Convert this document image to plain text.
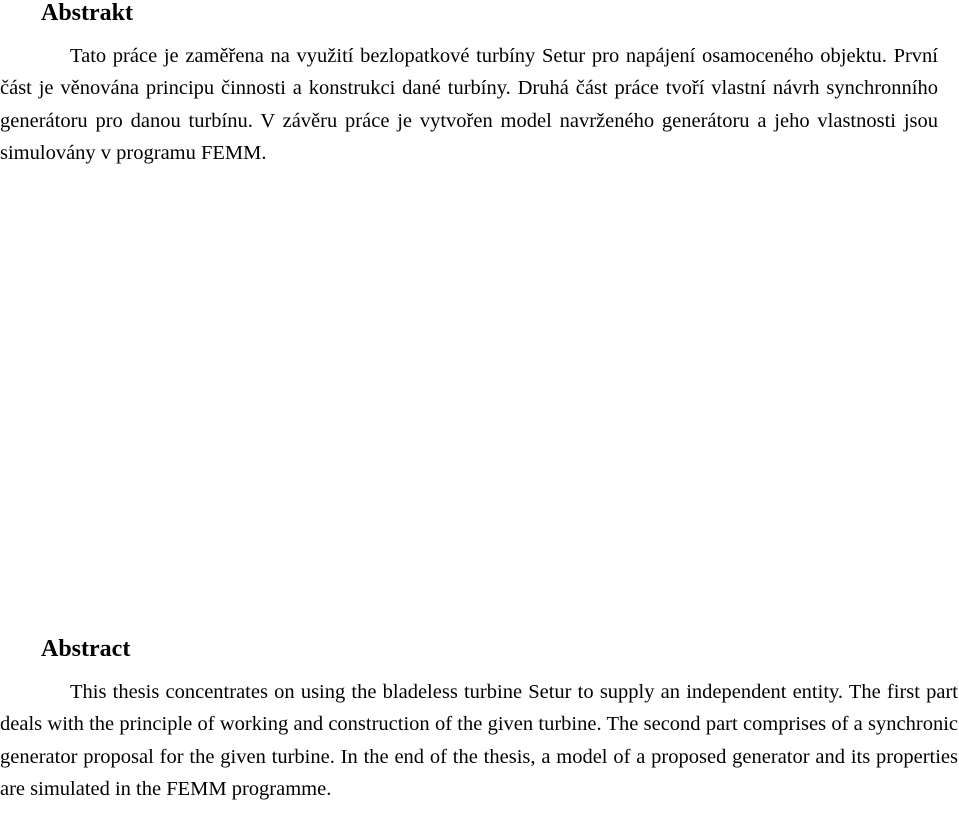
Abstrakt

Tato práce je zaměřena na využití bezlopatkové turbíny Setur pro napájení osamoceného objektu. První část je věnována principu činnosti a konstrukci dané turbíny. Druhá část práce tvoří vlastní návrh synchronního generátoru pro danou turbínu. V závěru práce je vytvořen model navrženého generátoru a jeho vlastnosti jsou simulovány v programu FEMM.

Abstract

This thesis concentrates on using the bladeless turbine Setur to supply an independent entity. The first part deals with the principle of working and construction of the given turbine. The second part comprises of a synchronic generator proposal for the given turbine. In the end of the thesis, a model of a proposed generator and its properties are simulated in the FEMM programme.
